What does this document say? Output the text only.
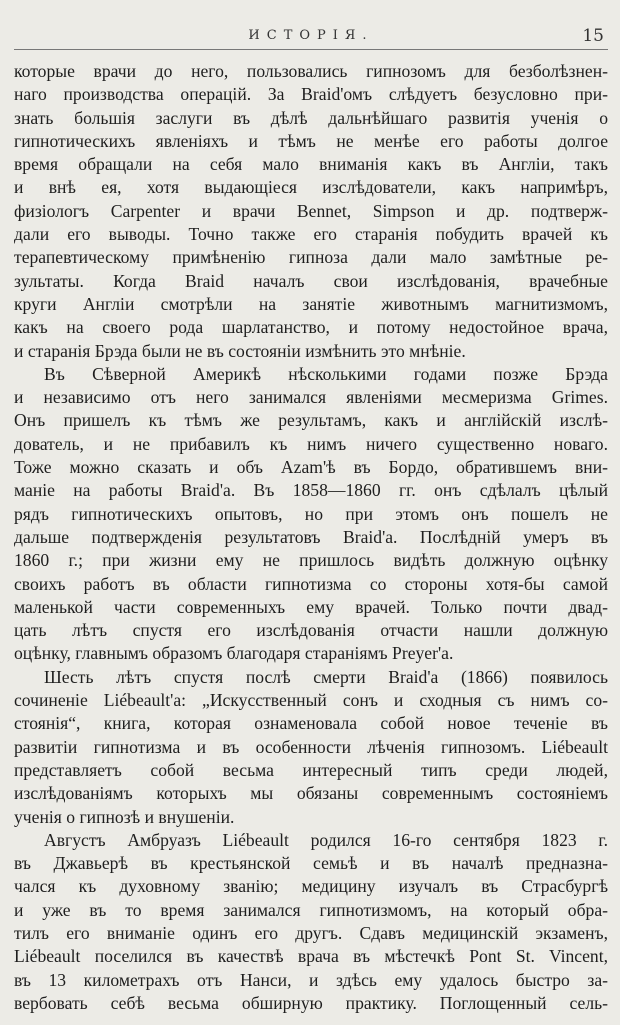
ИСТОРІЯ.	15
которые врачи до него, пользовались гипнозомъ для безболѣзнен-
наго производства операцій. За Braid'омъ слѣдуетъ безусловно при-
знать большія заслуги въ дѣлѣ дальнѣйшаго развитія ученія о
гипнотическихъ явленіяхъ и тѣмъ не менѣе его работы долгое
время обращали на себя мало вниманія какъ въ Англіи, такъ
и внѣ ея, хотя выдающіеся изслѣдователи, какъ напримѣръ,
физіологъ Carpenter и врачи Bennet, Simpson и др. подтверж-
дали его выводы. Точно также его старанія побудить врачей къ
терапевтическому примѣненію гипноза дали мало замѣтные ре-
зультаты. Когда Braid началъ свои изслѣдованія, врачебные
круги Англіи смотрѣли на занятіе животнымъ магнитизмомъ,
какъ на своего рода шарлатанство, и потому недостойное врача,
и старанія Брэда были не въ состояніи измѣнить это мнѣніе.
Въ Сѣверной Америкѣ нѣсколькими годами позже Брэда
и независимо отъ него занимался явленіями месмеризма Grimes.
Онъ пришелъ къ тѣмъ же результамъ, какъ и англійскій изслѣ-
дователь, и не прибавилъ къ нимъ ничего существенно новаго.
Тоже можно сказать и объ Azam'ѣ въ Бордо, обратившемъ вни-
маніе на работы Braid'а. Въ 1858—1860 гг. онъ сдѣлалъ цѣлый
рядъ гипнотическихъ опытовъ, но при этомъ онъ пошелъ не
дальше подтвержденія результатовъ Braid'а. Послѣдній умеръ въ
1860 г.; при жизни ему не пришлось видѣть должную оцѣнку
своихъ работъ въ области гипнотизма со стороны хотя-бы самой
маленькой части современныхъ ему врачей. Только почти двад-
цать лѣтъ спустя его изслѣдованія отчасти нашли должную
оцѣнку, главнымъ образомъ благодаря стараніямъ Preyer'а.
Шесть лѣтъ спустя послѣ смерти Braid'а (1866) появилось
сочиненіе Liébeault'а: „Искусственный сонъ и сходныя съ нимъ со-
стоянія“, книга, которая ознаменовала собой новое теченіе въ
развитіи гипнотизма и въ особенности лѣченія гипнозомъ. Liébeault
представляетъ собой весьма интересный типъ среди людей,
изслѣдованіямъ которыхъ мы обязаны современнымъ состояніемъ
ученія о гипнозѣ и внушеніи.
Августъ Амбруазъ Liébeault родился 16-го сентября 1823 г.
въ Джавьерѣ въ крестьянской семьѣ и въ началѣ предназна-
чался къ духовному званію; медицину изучалъ въ Страсбургѣ
и уже въ то время занимался гипнотизмомъ, на который обра-
тилъ его вниманіе одинъ его другъ. Сдавъ медицинскій экзаменъ,
Liébeault поселился въ качествѣ врача въ мѣстечкѣ Pont St. Vincent,
въ 13 километрахъ отъ Нанси, и здѣсь ему удалось быстро за-
вербовать себѣ весьма обширную практику. Поглощенный сель-
